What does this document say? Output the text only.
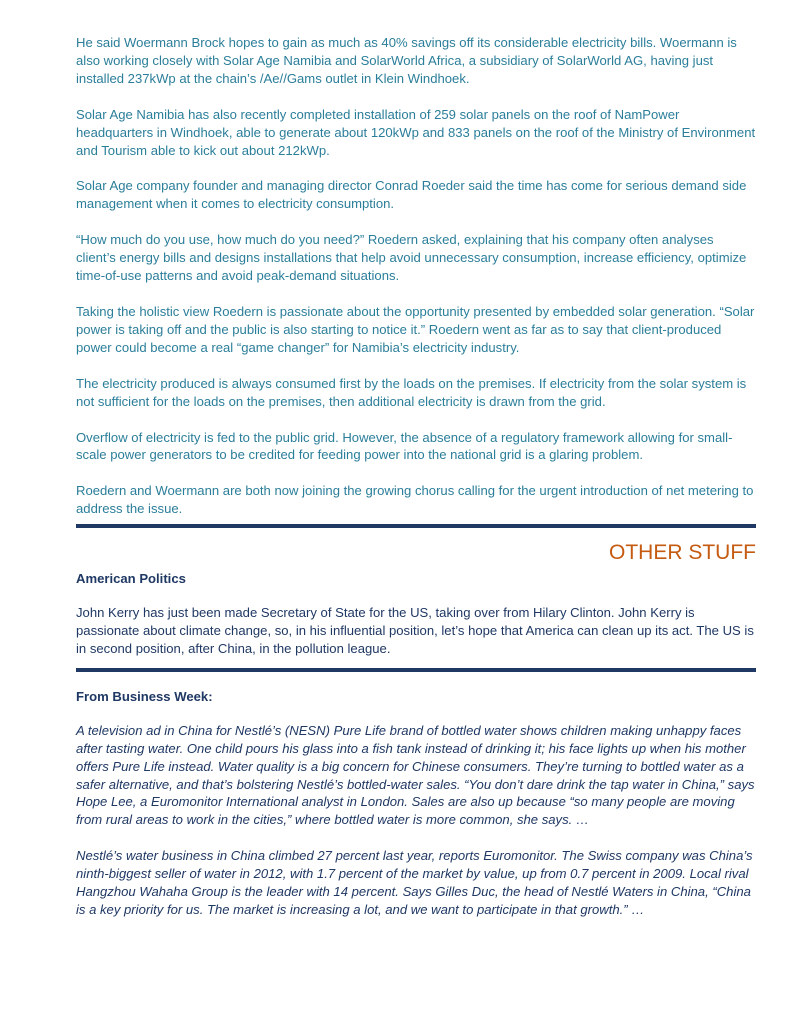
He said Woermann Brock hopes to gain as much as 40% savings off its considerable electricity bills. Woermann is also working closely with Solar Age Namibia and SolarWorld Africa, a subsidiary of SolarWorld AG, having just installed 237kWp at the chain’s /Ae//Gams outlet in Klein Windhoek.

Solar Age Namibia has also recently completed installation of 259 solar panels on the roof of NamPower headquarters in Windhoek, able to generate about 120kWp and 833 panels on the roof of the Ministry of Environment and Tourism able to kick out about 212kWp.

Solar Age company founder and managing director Conrad Roeder said the time has come for serious demand side management when it comes to electricity consumption.

“How much do you use, how much do you need?” Roedern asked, explaining that his company often analyses client’s energy bills and designs installations that help avoid unnecessary consumption, increase efficiency, optimize time-of-use patterns and avoid peak-demand situations.

Taking the holistic view Roedern is passionate about the opportunity presented by embedded solar generation. “Solar power is taking off and the public is also starting to notice it.” Roedern went as far as to say that client-produced power could become a real “game changer” for Namibia’s electricity industry.

The electricity produced is always consumed first by the loads on the premises. If electricity from the solar system is not sufficient for the loads on the premises, then additional electricity is drawn from the grid.

Overflow of electricity is fed to the public grid. However, the absence of a regulatory framework allowing for small-scale power generators to be credited for feeding power into the national grid is a glaring problem.

Roedern and Woermann are both now joining the growing chorus calling for the urgent introduction of net metering to address the issue.

OTHER STUFF
American Politics

John Kerry has just been made Secretary of State for the US, taking over from Hilary Clinton. John Kerry is passionate about climate change, so, in his influential position, let’s hope that America can clean up its act. The US is in second position, after China, in the pollution league.

From Business Week:

A television ad in China for Nestlé’s (NESN) Pure Life brand of bottled water shows children making unhappy faces after tasting water. One child pours his glass into a fish tank instead of drinking it; his face lights up when his mother offers Pure Life instead. Water quality is a big concern for Chinese consumers. They’re turning to bottled water as a safer alternative, and that’s bolstering Nestlé’s bottled-water sales. “You don’t dare drink the tap water in China,” says Hope Lee, a Euromonitor International analyst in London. Sales are also up because “so many people are moving from rural areas to work in the cities,” where bottled water is more common, she says. …

Nestlé’s water business in China climbed 27 percent last year, reports Euromonitor. The Swiss company was China’s ninth-biggest seller of water in 2012, with 1.7 percent of the market by value, up from 0.7 percent in 2009. Local rival Hangzhou Wahaha Group is the leader with 14 percent. Says Gilles Duc, the head of Nestlé Waters in China, “China is a key priority for us. The market is increasing a lot, and we want to participate in that growth.” …
